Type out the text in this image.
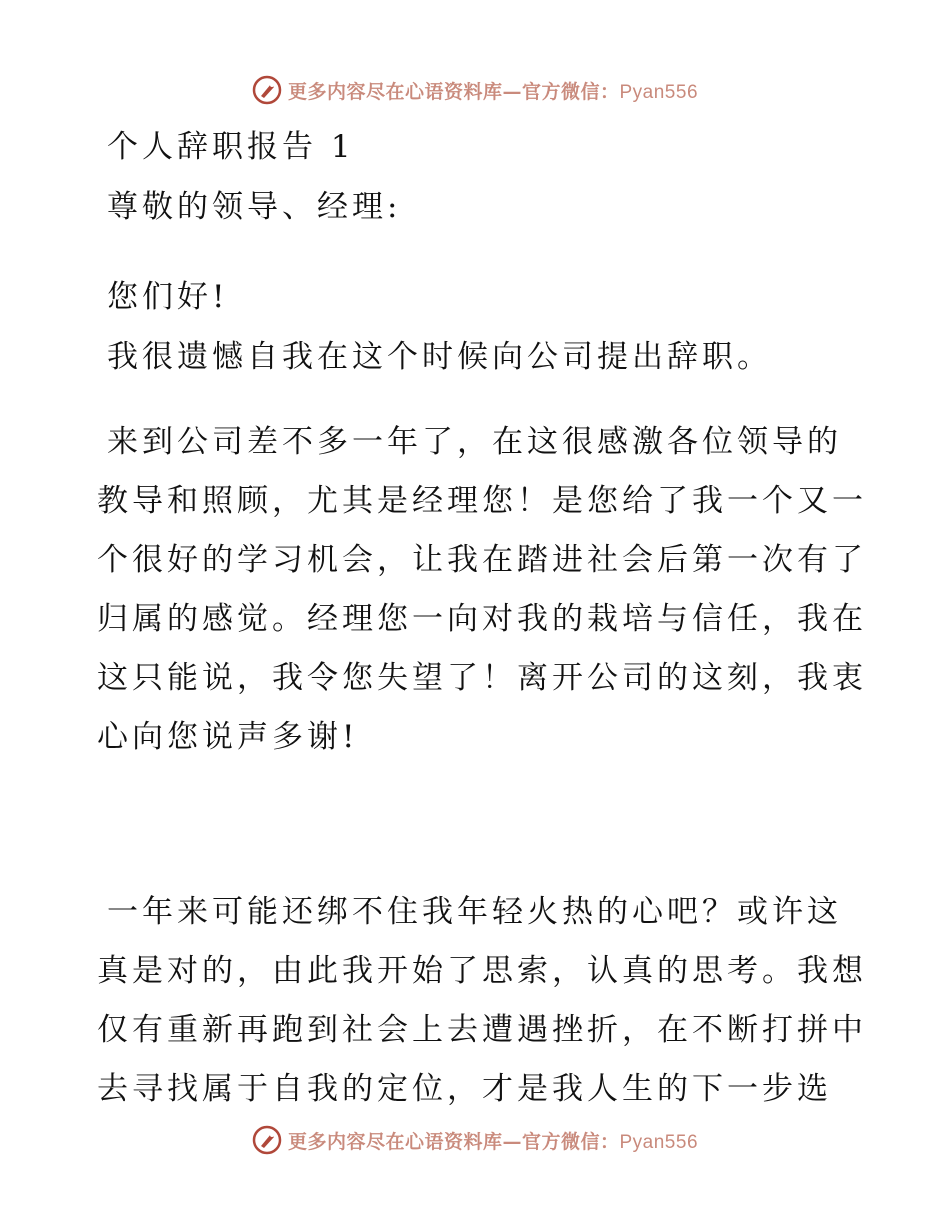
更多内容尽在心语资料库—官方微信：Pyan556
个人辞职报告 1
尊敬的领导、经理:
您们好!
我很遗憾自我在这个时候向公司提出辞职。
来到公司差不多一年了，在这很感激各位领导的
教导和照顾，尤其是经理您！是您给了我一个又一
个很好的学习机会，让我在踏进社会后第一次有了
归属的感觉。经理您一向对我的栽培与信任，我在
这只能说，我令您失望了！离开公司的这刻，我衷
心向您说声多谢!
一年来可能还绑不住我年轻火热的心吧？或许这
真是对的，由此我开始了思索，认真的思考。我想
仅有重新再跑到社会上去遭遇挫折，在不断打拼中
去寻找属于自我的定位，才是我人生的下一步选
更多内容尽在心语资料库—官方微信：Pyan556
